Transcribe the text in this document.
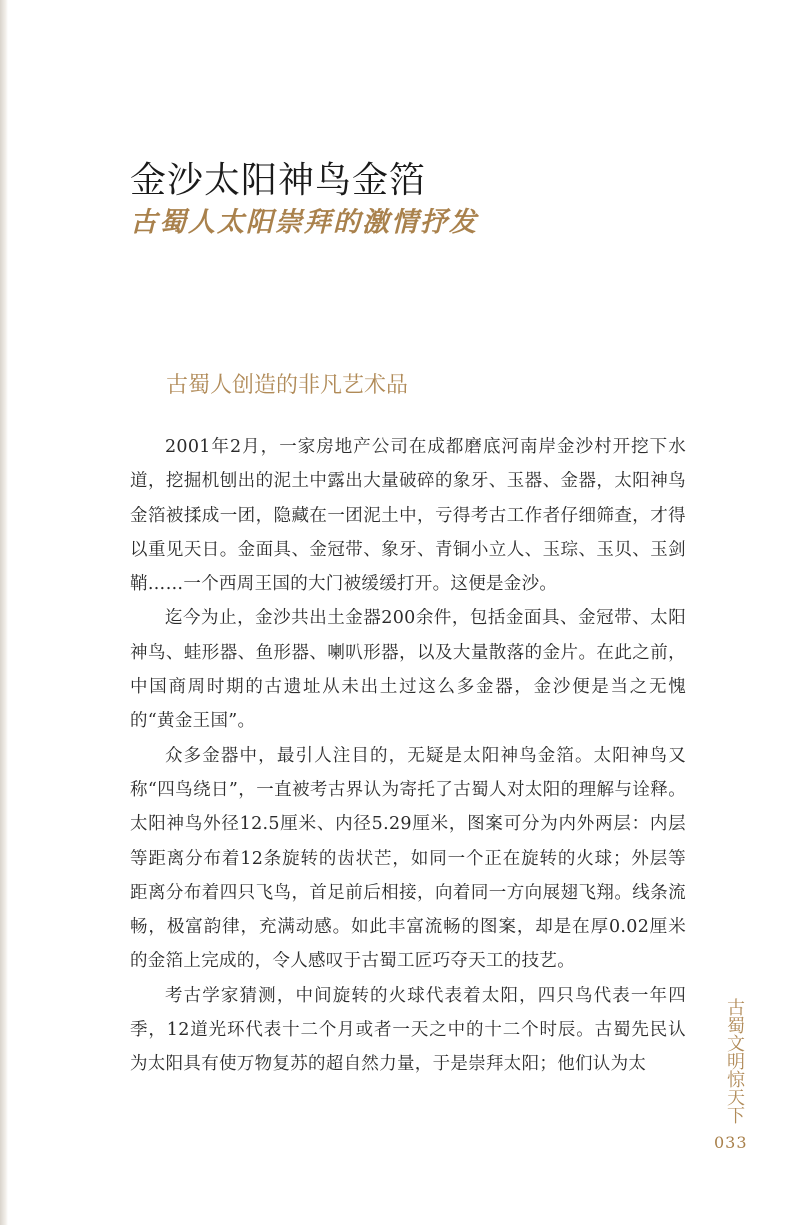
金沙太阳神鸟金箔
古蜀人太阳崇拜的激情抒发
古蜀人创造的非凡艺术品

2001年2月，一家房地产公司在成都磨底河南岸金沙村开挖下水道，挖掘机刨出的泥土中露出大量破碎的象牙、玉器、金器，太阳神鸟金箔被揉成一团，隐藏在一团泥土中，亏得考古工作者仔细筛查，才得以重见天日。金面具、金冠带、象牙、青铜小立人、玉琮、玉贝、玉剑鞘……一个西周王国的大门被缓缓打开。这便是金沙。

迄今为止，金沙共出土金器200余件，包括金面具、金冠带、太阳神鸟、蛙形器、鱼形器、喇叭形器，以及大量散落的金片。在此之前，中国商周时期的古遗址从未出土过这么多金器，金沙便是当之无愧的“黄金王国”。

众多金器中，最引人注目的，无疑是太阳神鸟金箔。太阳神鸟又称“四鸟绕日”，一直被考古界认为寄托了古蜀人对太阳的理解与诠释。太阳神鸟外径12.5厘米、内径5.29厘米，图案可分为内外两层：内层等距离分布着12条旋转的齿状芒，如同一个正在旋转的火球；外层等距离分布着四只飞鸟，首足前后相接，向着同一方向展翅飞翔。线条流畅，极富韵律，充满动感。如此丰富流畅的图案，却是在厚0.02厘米的金箔上完成的，令人感叹于古蜀工匠巧夺天工的技艺。

考古学家猜测，中间旋转的火球代表着太阳，四只鸟代表一年四季，12道光环代表十二个月或者一天之中的十二个时辰。古蜀先民认为太阳具有使万物复苏的超自然力量，于是崇拜太阳；他们认为太	古蜀文明惊天下
033
